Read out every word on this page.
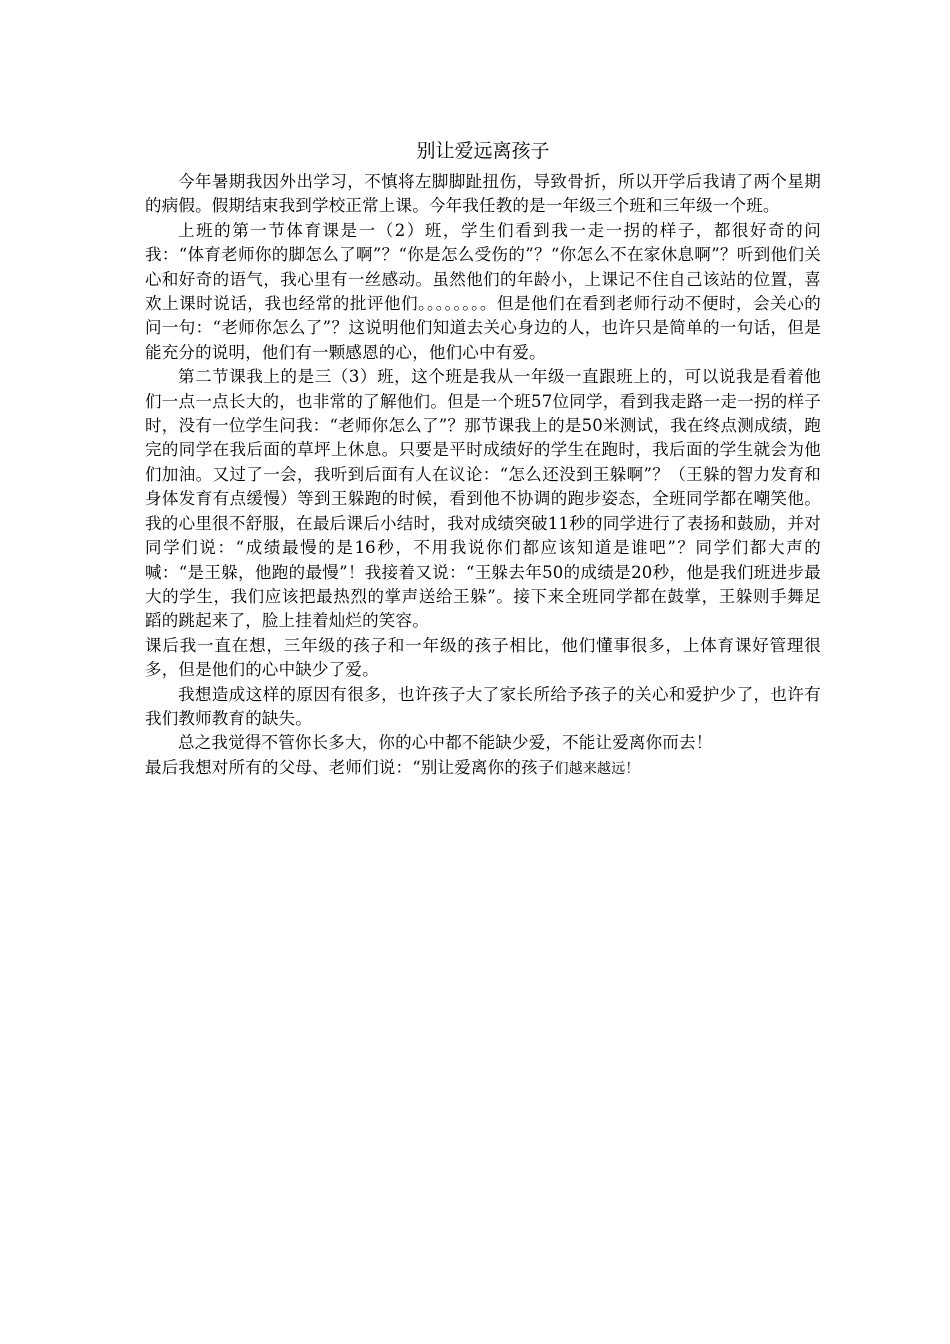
别让爱远离孩子

今年暑期我因外出学习，不慎将左脚脚趾扭伤，导致骨折，所以开学后我请了两个星期的病假。假期结束我到学校正常上课。今年我任教的是一年级三个班和三年级一个班。

上班的第一节体育课是一（2）班，学生们看到我一走一拐的样子，都很好奇的问我：“体育老师你的脚怎么了啊”？“你是怎么受伤的”？“你怎么不在家休息啊”？听到他们关心和好奇的语气，我心里有一丝感动。虽然他们的年龄小，上课记不住自己该站的位置，喜欢上课时说话，我也经常的批评他们。。。。。。。。但是他们在看到老师行动不便时，会关心的问一句：“老师你怎么了”？这说明他们知道去关心身边的人，也许只是简单的一句话，但是能充分的说明，他们有一颗感恩的心，他们心中有爱。

第二节课我上的是三（3）班，这个班是我从一年级一直跟班上的，可以说我是看着他们一点一点长大的，也非常的了解他们。但是一个班57位同学，看到我走路一走一拐的样子时，没有一位学生问我：“老师你怎么了”？那节课我上的是50米测试，我在终点测成绩，跑完的同学在我后面的草坪上休息。只要是平时成绩好的学生在跑时，我后面的学生就会为他们加油。又过了一会，我听到后面有人在议论：“怎么还没到王躲啊”？（王躲的智力发育和身体发育有点缓慢）等到王躲跑的时候，看到他不协调的跑步姿态，全班同学都在嘲笑他。我的心里很不舒服，在最后课后小结时，我对成绩突破11秒的同学进行了表扬和鼓励，并对同学们说：“成绩最慢的是16秒，不用我说你们都应该知道是谁吧”？同学们都大声的喊：“是王躲，他跑的最慢”！我接着又说：“王躲去年50的成绩是20秒，他是我们班进步最大的学生，我们应该把最热烈的掌声送给王躲”。接下来全班同学都在鼓掌，王躲则手舞足蹈的跳起来了，脸上挂着灿烂的笑容。

课后我一直在想，三年级的孩子和一年级的孩子相比，他们懂事很多，上体育课好管理很多，但是他们的心中缺少了爱。

我想造成这样的原因有很多，也许孩子大了家长所给予孩子的关心和爱护少了，也许有我们教师教育的缺失。

总之我觉得不管你长多大，你的心中都不能缺少爱，不能让爱离你而去！

最后我想对所有的父母、老师们说：“别让爱离你的孩子们越来越远！
